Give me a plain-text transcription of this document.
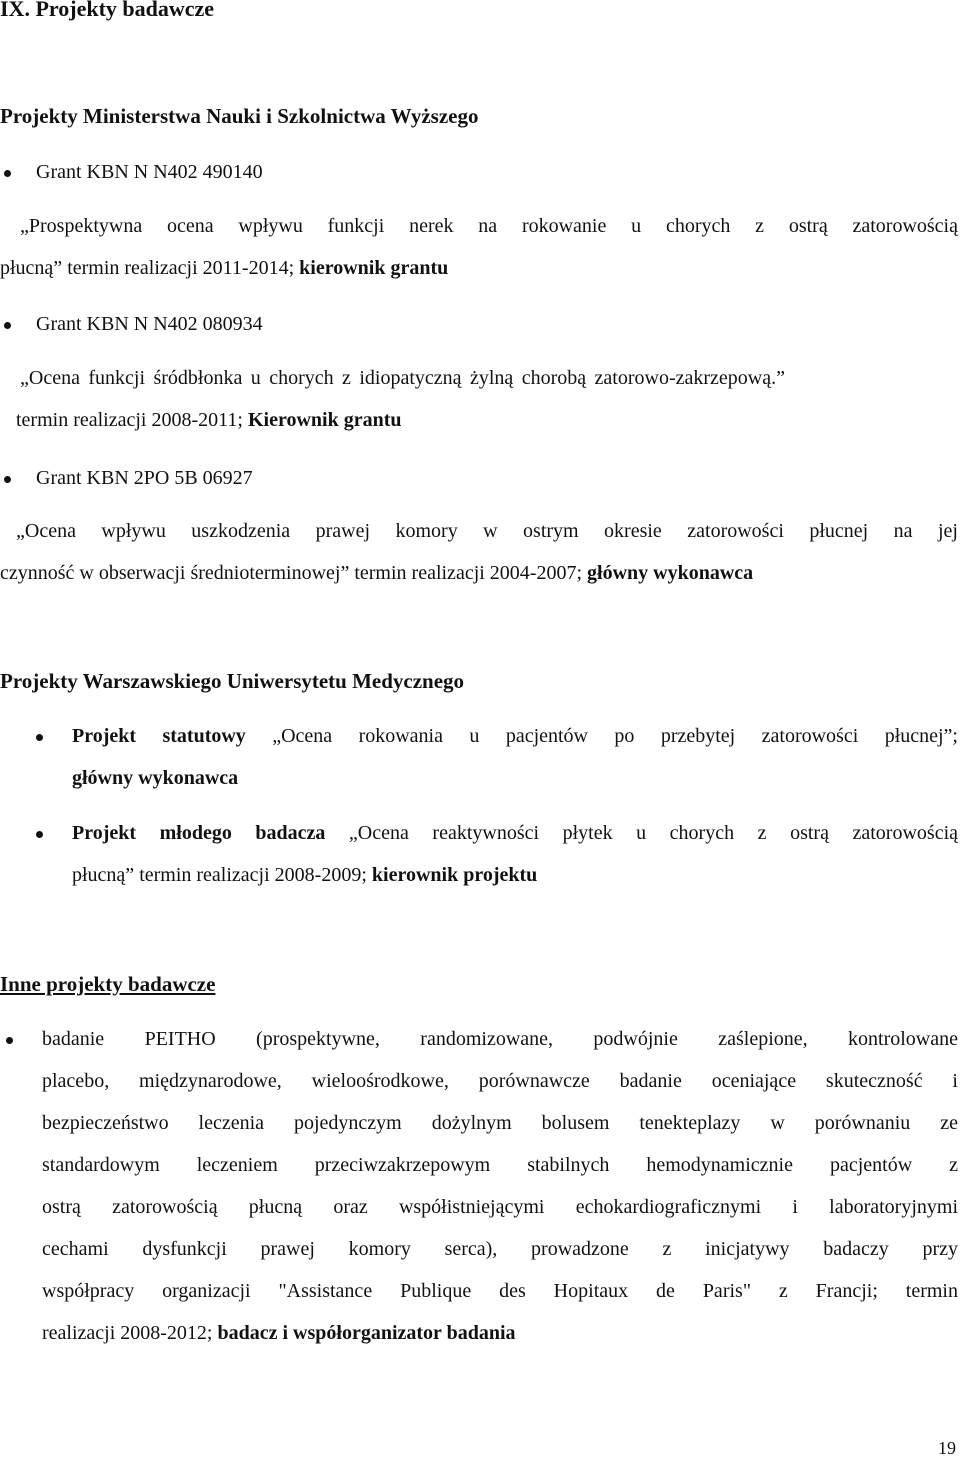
IX. Projekty badawcze
Projekty Ministerstwa Nauki i Szkolnictwa Wyższego
Grant KBN N N402 490140
„Prospektywna ocena wpływu funkcji nerek na rokowanie u chorych z ostrą zatorowością
płucną” termin realizacji 2011-2014; kierownik grantu
Grant KBN N N402 080934
„Ocena funkcji śródbłonka u chorych z idiopatyczną żylną chorobą zatorowo-zakrzepową.”
termin realizacji 2008-2011; Kierownik grantu
Grant KBN 2PO 5B 06927
„Ocena wpływu uszkodzenia prawej komory w ostrym okresie zatorowości płucnej na jej
czynność w obserwacji średnioterminowej” termin realizacji 2004-2007; główny wykonawca
Projekty Warszawskiego Uniwersytetu Medycznego
Projekt statutowy „Ocena rokowania u pacjentów po przebytej zatorowości płucnej”;
główny wykonawca
Projekt młodego badacza „Ocena reaktywności płytek u chorych z ostrą zatorowością
płucną” termin realizacji 2008-2009; kierownik projektu
Inne projekty badawcze
badanie PEITHO (prospektywne, randomizowane, podwójnie zaślepione, kontrolowane
placebo, międzynarodowe, wieloośrodkowe, porównawcze badanie oceniające skuteczność i
bezpieczeństwo leczenia pojedynczym dożylnym bolusem tenekteplazy w porównaniu ze
standardowym leczeniem przeciwzakrzepowym stabilnych hemodynamicznie pacjentów z
ostrą zatorowością płucną oraz współistniejącymi echokardiograficznymi i laboratoryjnymi
cechami dysfunkcji prawej komory serca), prowadzone z inicjatywy badaczy przy
współpracy organizacji "Assistance Publique des Hopitaux de Paris" z Francji; termin
realizacji 2008-2012; badacz i współorganizator badania
19
